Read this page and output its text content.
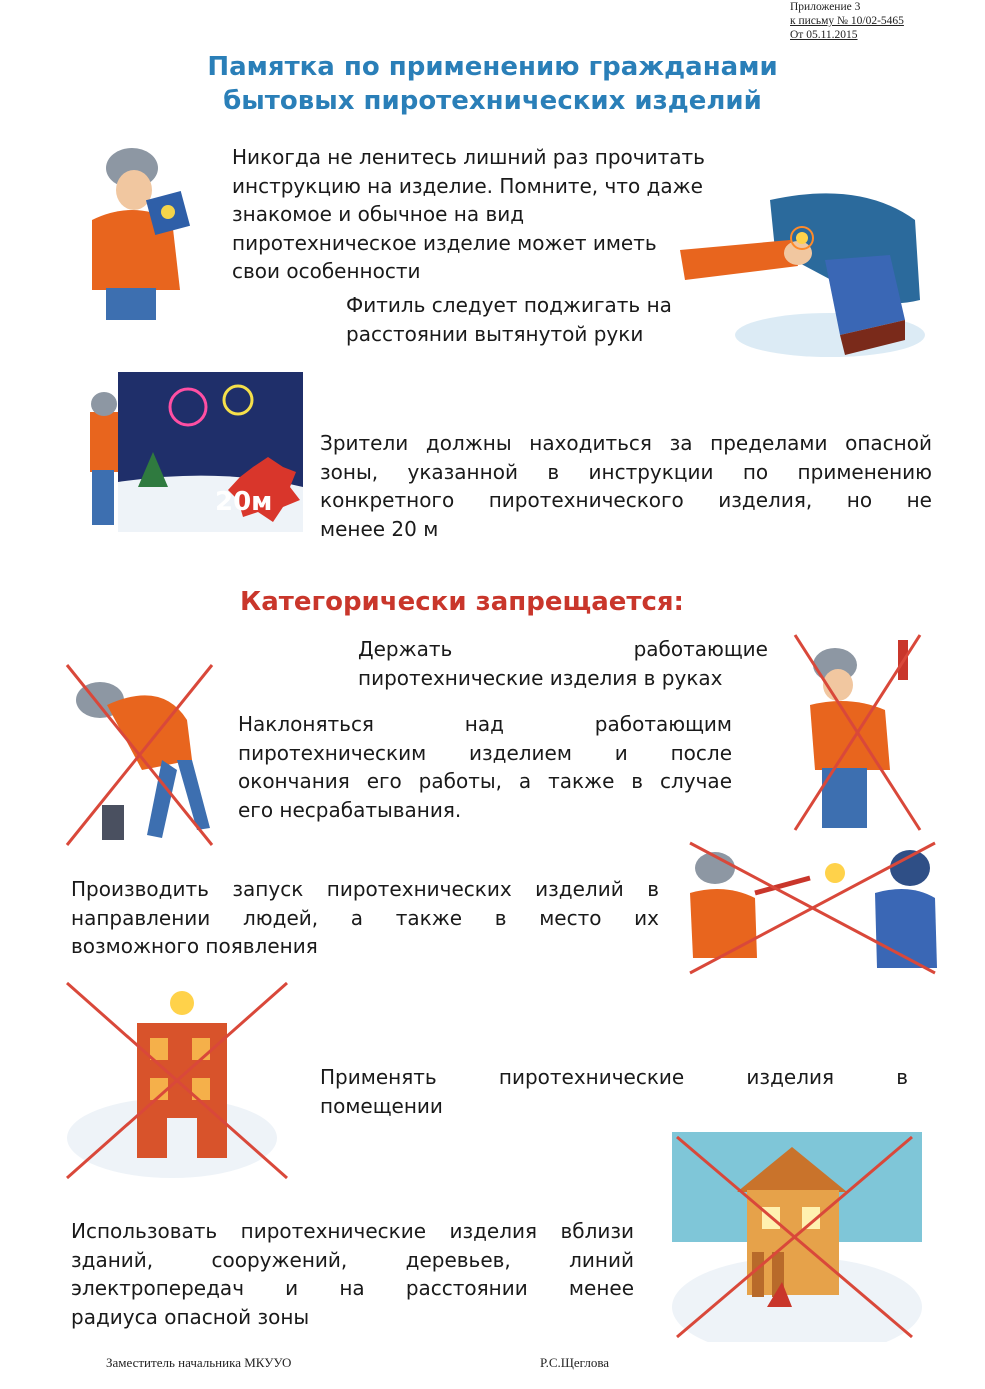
Приложение 3
к письму № 10/02-5465
От 05.11.2015
Памятка по применению гражданами
бытовых пиротехнических изделий
Никогда не ленитесь лишний раз прочитать
инструкцию на изделие. Помните, что даже
знакомое и обычное на вид
пиротехническое изделие может иметь
свои особенности
Фитиль следует поджигать на
расстоянии вытянутой руки
20м
Зрители должны находиться за пределами опасной
зоны, указанной в инструкции по применению
конкретного пиротехнического изделия, но не
менее 20 м
Категорически запрещается:
Держать работающие
пиротехнические изделия в руках
Наклоняться над работающим
пиротехническим изделием и после
окончания его работы, а также в случае
его несрабатывания.
Производить запуск пиротехнических изделий в
направлении людей, а также в место их
возможного появления
Применять пиротехнические изделия в
помещении
Использовать пиротехнические изделия вблизи
зданий, сооружений, деревьев, линий
электропередач и на расстоянии менее
радиуса опасной зоны
Заместитель начальника МКУУО	Р.С.Щеглова
